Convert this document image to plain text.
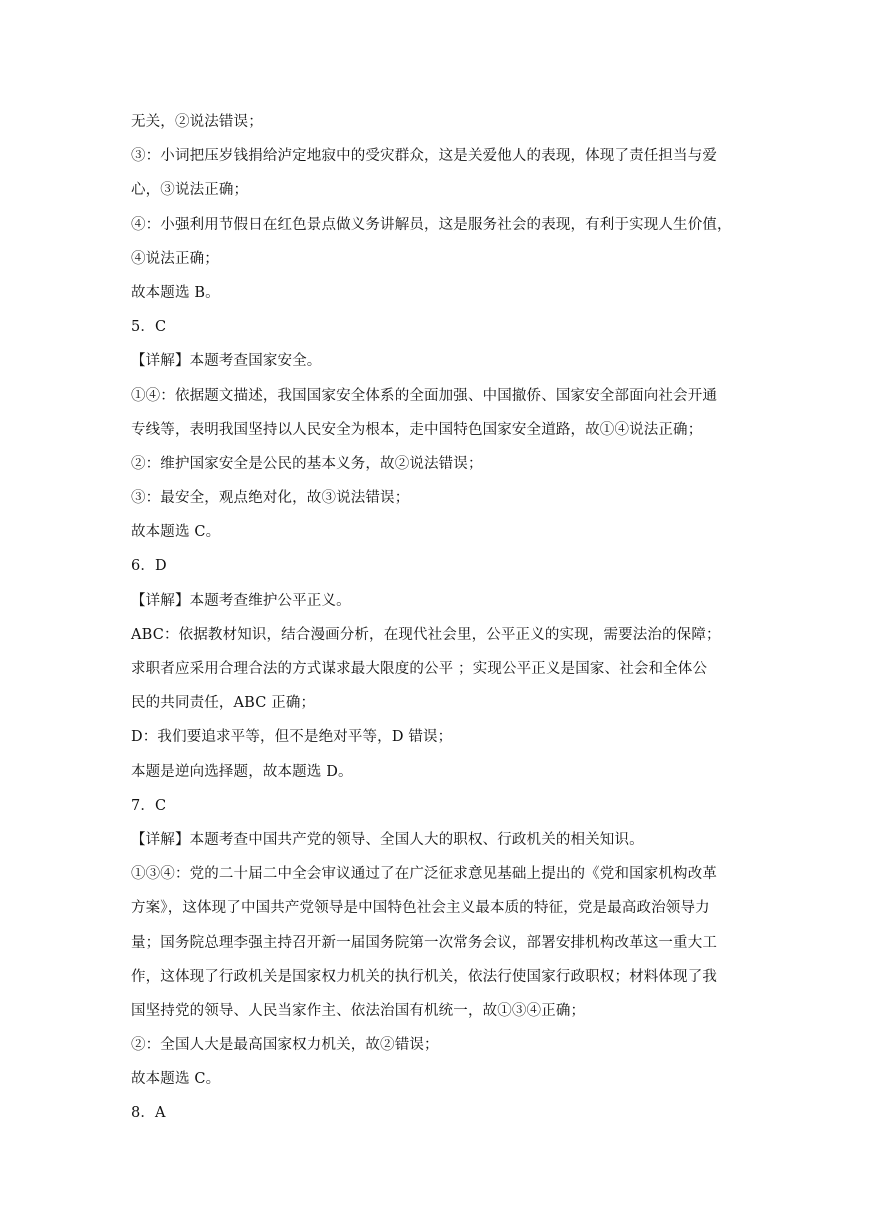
无关，②说法错误；
③：小词把压岁钱捐给泸定地寂中的受灾群众，这是关爱他人的表现，体现了责任担当与爱
心，③说法正确；
④：小强利用节假日在红色景点做义务讲解员，这是服务社会的表现，有利于实现人生价值，
④说法正确；
故本题选 B。
5．C
【详解】本题考查国家安全。
①④：依据题文描述，我国国家安全体系的全面加强、中国撤侨、国家安全部面向社会开通
专线等，表明我国坚持以人民安全为根本，走中国特色国家安全道路，故①④说法正确；
②：维护国家安全是公民的基本义务，故②说法错误；
③：最安全，观点绝对化，故③说法错误；
故本题选 C。
6．D
【详解】本题考查维护公平正义。
ABC：依据教材知识，结合漫画分析，在现代社会里，公平正义的实现，需要法治的保障；
求职者应采用合理合法的方式谋求最大限度的公平 ；实现公平正义是国家、社会和全体公
民的共同责任，ABC 正确；
D：我们要追求平等，但不是绝对平等，D 错误；
本题是逆向选择题，故本题选 D。
7．C
【详解】本题考查中国共产党的领导、全国人大的职权、行政机关的相关知识。
①③④：党的二十届二中全会审议通过了在广泛征求意见基础上提出的《党和国家机构改革
方案》，这体现了中国共产党领导是中国特色社会主义最本质的特征，党是最高政治领导力
量；国务院总理李强主持召开新一届国务院第一次常务会议，部署安排机构改革这一重大工
作，这体现了行政机关是国家权力机关的执行机关，依法行使国家行政职权；材料体现了我
国坚持党的领导、人民当家作主、依法治国有机统一，故①③④正确；
②：全国人大是最高国家权力机关，故②错误；
故本题选 C。
8．A
